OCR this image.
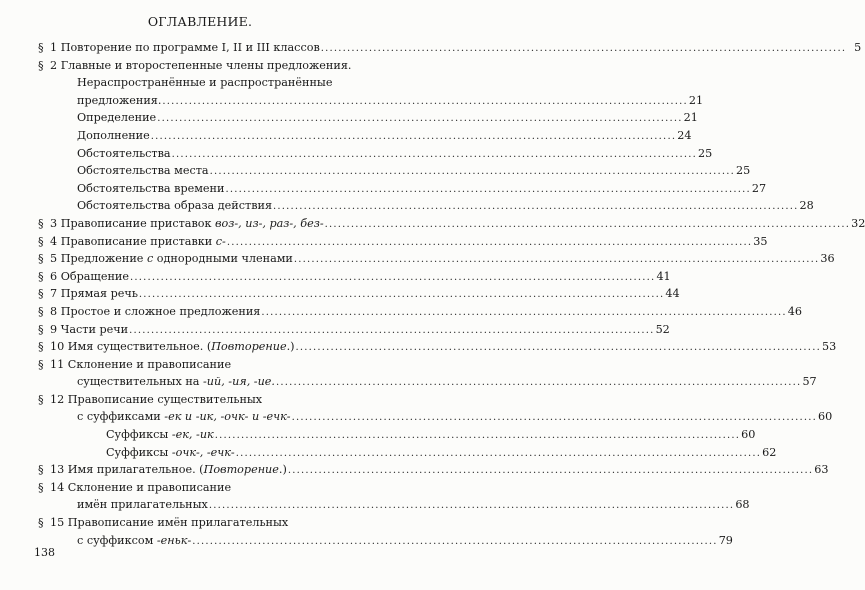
ОГЛАВЛЕНИЕ.
§ 1 Повторение по программе I, II и III классов ........................................................................................................................ 5
§ 2 Главные и второстепенные члены предложения.
Нераспространённые и распространённые
предложения. ........................................................................................................................ 21
Определение ........................................................................................................................ 21
Дополнение ........................................................................................................................ 24
Обстоятельства ........................................................................................................................ 25
Обстоятельства места ........................................................................................................................ 25
Обстоятельства времени ........................................................................................................................ 27
Обстоятельства образа действия ........................................................................................................................ 28
§ 3 Правописание приставок воз-, из-, раз-, без- ........................................................................................................................ 32
§ 4 Правописание приставки с- ........................................................................................................................ 35
§ 5 Предложение с однородными членами ........................................................................................................................ 36
§ 6 Обращение ........................................................................................................................ 41
§ 7 Прямая речь ........................................................................................................................ 44
§ 8 Простое и сложное предложения ........................................................................................................................ 46
§ 9 Части речи ........................................................................................................................ 52
§ 10 Имя существительное. (Повторение.) ........................................................................................................................ 53
§ 11 Склонение и правописание
существительных на -ий, -ия, -ие. ........................................................................................................................ 57
§ 12 Правописание существительных
с суффиксами -ек и -ик, -очк- и -ечк- ........................................................................................................................ 60
Суффиксы -ек, -ик ........................................................................................................................ 60
Суффиксы -очк-, -ечк- ........................................................................................................................ 62
§ 13 Имя прилагательное. (Повторение.) ........................................................................................................................ 63
§ 14 Склонение и правописание
имён прилагательных ........................................................................................................................ 68
§ 15 Правописание имён прилагательных
с суффиксом -еньк- ........................................................................................................................ 79
138
